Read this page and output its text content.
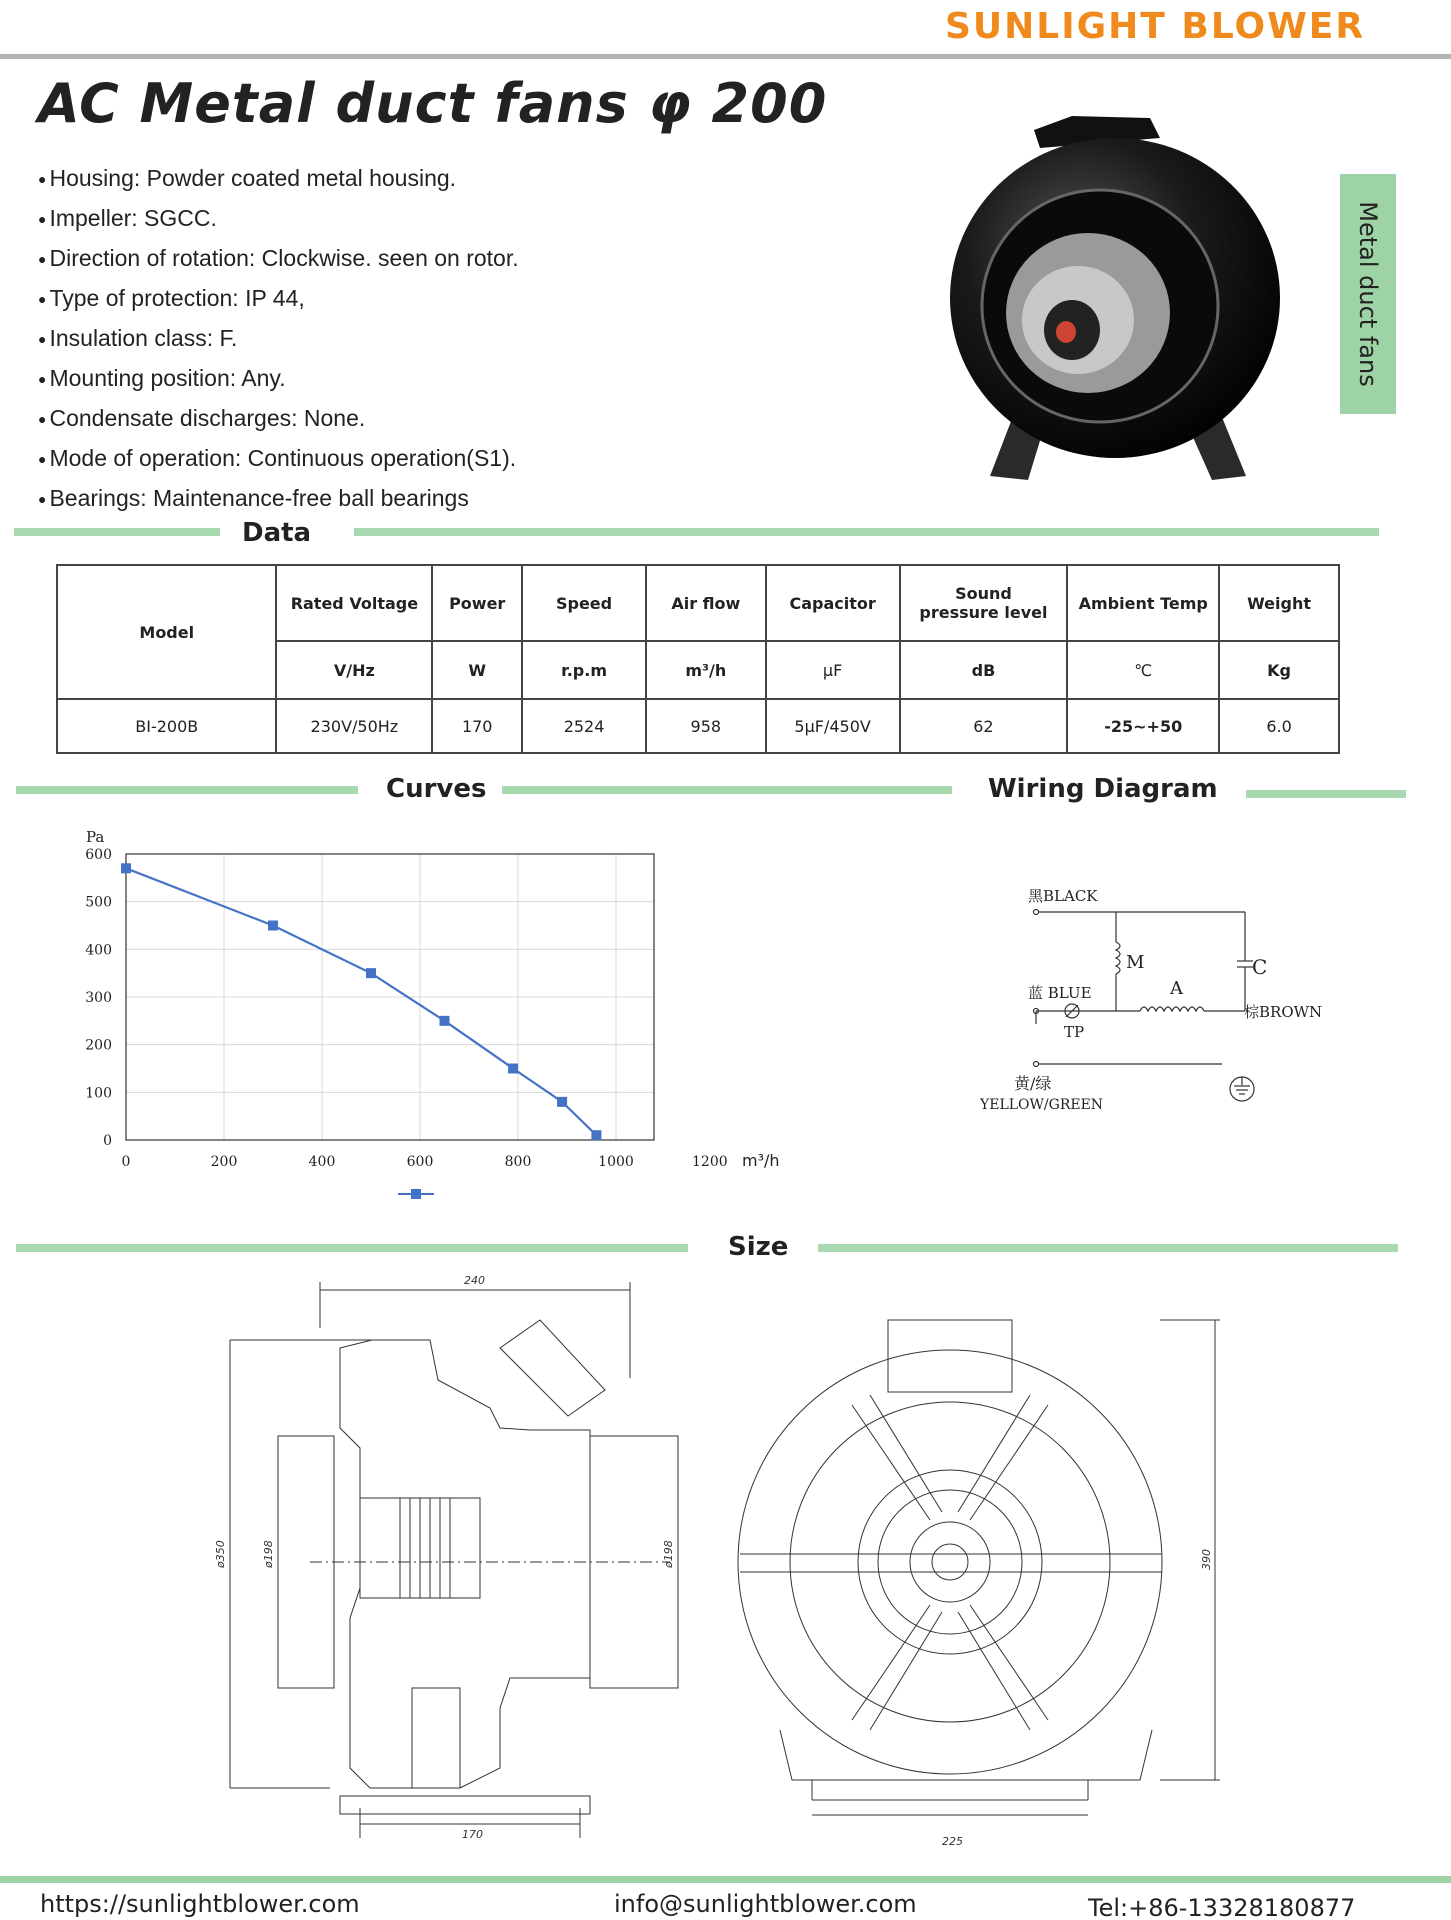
SUNLIGHT BLOWER
AC Metal duct fans φ 200
● Housing: Powder coated metal housing.
● Impeller: SGCC.
● Direction of rotation: Clockwise. seen on rotor.
● Type of protection: IP 44,
● Insulation class: F.
● Mounting position: Any.
● Condensate discharges: None.
● Mode of operation: Continuous operation(S1).
● Bearings: Maintenance-free ball bearings
Metal duct fans
Data
Model	Rated Voltage	Power	Speed	Air flow	Capacitor	Sound pressure level	Ambient Temp	Weight
	V/Hz	W	r.p.m	m³/h	μF	dB	℃	Kg
BI-200B	230V/50Hz	170	2524	958	5μF/450V	62	-25~+50	6.0
Curves	Wiring Diagram
0	200	400	600	800	1000	1200
0
100
200
300
400
500
600
Pa
m³/h
黑BLACK
蓝 BLUE
棕BROWN
TP
M
A
C
黄/绿
YELLOW/GREEN
Size
240
ø350	ø198	ø198
170
225
390
https://sunlightblower.com	info@sunlightblower.com	Tel:+86-13328180877
